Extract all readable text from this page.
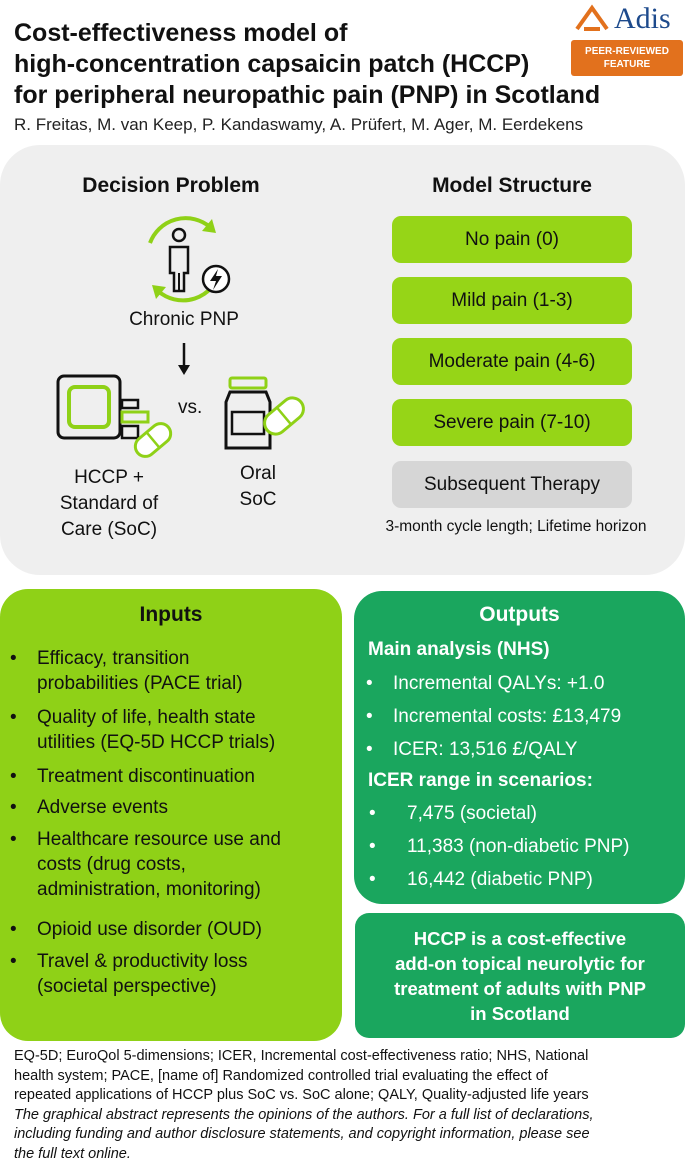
Cost-effectiveness model of
high-concentration capsaicin patch (HCCP)
for peripheral neuropathic pain (PNP) in Scotland
R. Freitas, M. van Keep, P. Kandaswamy, A. Prüfert, M. Ager, M. Eerdekens
Adis
PEER-REVIEWED
FEATURE
Decision Problem
Chronic PNP
vs.
HCCP +
Standard of
Care (SoC)
Oral
SoC
Model Structure
No pain (0)
Mild pain (1-3)
Moderate pain (4-6)
Severe pain (7-10)
Subsequent Therapy
3-month cycle length; Lifetime horizon
Inputs
• Efficacy, transition
probabilities (PACE trial)
• Quality of life, health state
utilities (EQ-5D HCCP trials)
• Treatment discontinuation
• Adverse events
• Healthcare resource use and
costs (drug costs,
administration, monitoring)
• Opioid use disorder (OUD)
• Travel & productivity loss
(societal perspective)
Outputs
Main analysis (NHS)
ICER range in scenarios:
• Incremental QALYs: +1.0
• Incremental costs: £13,479
• ICER: 13,516 £/QALY
• 7,475 (societal)
• 11,383 (non-diabetic PNP)
• 16,442 (diabetic PNP)
HCCP is a cost-effective
add-on topical neurolytic for
treatment of adults with PNP
in Scotland
EQ-5D; EuroQol 5-dimensions; ICER, Incremental cost-effectiveness ratio; NHS, National
health system; PACE, [name of] Randomized controlled trial evaluating the effect of
repeated applications of HCCP plus SoC vs. SoC alone; QALY, Quality-adjusted life years
The graphical abstract represents the opinions of the authors. For a full list of declarations,
including funding and author disclosure statements, and copyright information, please see
the full text online.
